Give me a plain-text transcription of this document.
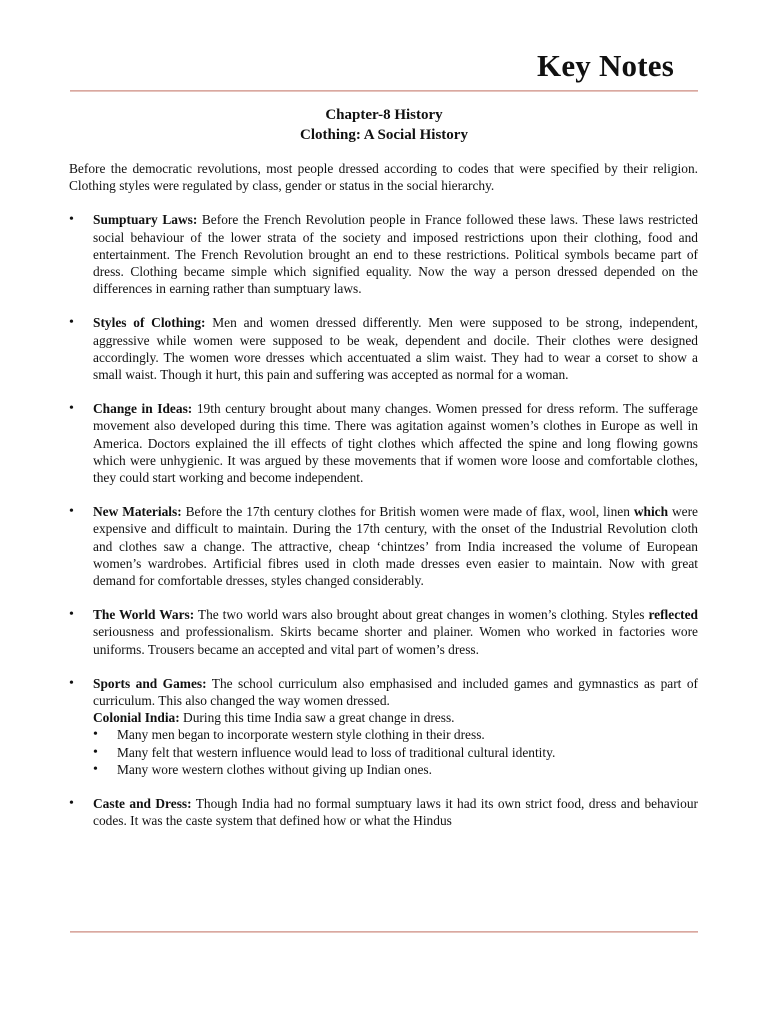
Key Notes
Chapter-8 History
Clothing: A Social History

Before the democratic revolutions, most people dressed according to codes that were specified by their religion. Clothing styles were regulated by class, gender or status in the social hierarchy.

•	Sumptuary Laws: Before the French Revolution people in France followed these laws. These laws restricted social behaviour of the lower strata of the society and imposed restrictions upon their clothing, food and entertainment. The French Revolution brought an end to these restrictions. Political symbols became part of dress. Clothing became simple which signified equality. Now the way a person dressed depended on the differences in earning rather than sumptuary laws.
•	Styles of Clothing: Men and women dressed differently. Men were supposed to be strong, independent, aggressive while women were supposed to be weak, dependent and docile. Their clothes were designed accordingly. The women wore dresses which accentuated a slim waist. They had to wear a corset to show a small waist. Though it hurt, this pain and suffering was accepted as normal for a woman.
•	Change in Ideas: 19th century brought about many changes. Women pressed for dress reform. The sufferage movement also developed during this time. There was agitation against women’s clothes in Europe as well in America. Doctors explained the ill effects of tight clothes which affected the spine and long flowing gowns which were unhygienic. It was argued by these movements that if women wore loose and comfortable clothes, they could start working and become independent.
•	New Materials: Before the 17th century clothes for British women were made of flax, wool, linen which were expensive and difficult to maintain. During the 17th century, with the onset of the Industrial Revolution cloth and clothes saw a change. The attractive, cheap ‘chintzes’ from India increased the volume of European women’s wardrobes. Artificial fibres used in cloth made dresses even easier to maintain. Now with great demand for comfortable dresses, styles changed considerably.
•	The World Wars: The two world wars also brought about great changes in women’s clothing. Styles reflected seriousness and professionalism. Skirts became shorter and plainer. Women who worked in factories wore uniforms. Trousers became an accepted and vital part of women’s dress.
•	Sports and Games: The school curriculum also emphasised and included games and gymnastics as part of curriculum. This also changed the way women dressed.
Colonial India: During this time India saw a great change in dress.
•	Many men began to incorporate western style clothing in their dress.
•	Many felt that western influence would lead to loss of traditional cultural identity.
•	Many wore western clothes without giving up Indian ones.
•	Caste and Dress: Though India had no formal sumptuary laws it had its own strict food, dress and behaviour codes. It was the caste system that defined how or what the Hindus
